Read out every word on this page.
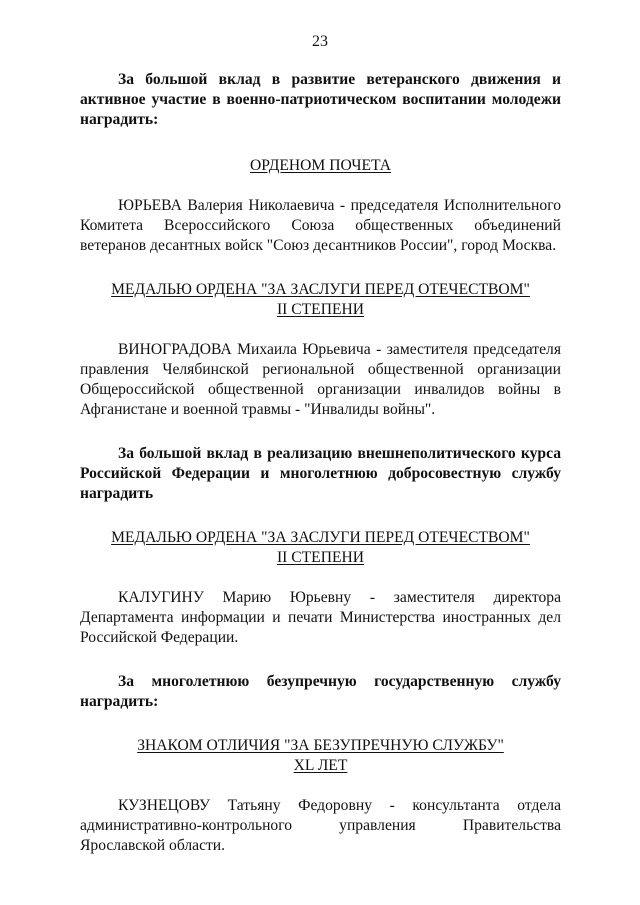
23

За большой вклад в развитие ветеранского движения и активное участие в военно-патриотическом воспитании молодежи наградить:

ОРДЕНОМ ПОЧЕТА

ЮРЬЕВА Валерия Николаевича - председателя Исполнительного Комитета Всероссийского Союза общественных объединений ветеранов десантных войск "Союз десантников России", город Москва.

МЕДАЛЬЮ ОРДЕНА "ЗА ЗАСЛУГИ ПЕРЕД ОТЕЧЕСТВОМ"
II СТЕПЕНИ

ВИНОГРАДОВА Михаила Юрьевича - заместителя председателя правления Челябинской региональной общественной организации Общероссийской общественной организации инвалидов войны в Афганистане и военной травмы - "Инвалиды войны".

За большой вклад в реализацию внешнеполитического курса Российской Федерации и многолетнюю добросовестную службу наградить

МЕДАЛЬЮ ОРДЕНА "ЗА ЗАСЛУГИ ПЕРЕД ОТЕЧЕСТВОМ"
II СТЕПЕНИ

КАЛУГИНУ Марию Юрьевну - заместителя директора Департамента информации и печати Министерства иностранных дел Российской Федерации.

За многолетнюю безупречную государственную службу наградить:

ЗНАКОМ ОТЛИЧИЯ "ЗА БЕЗУПРЕЧНУЮ СЛУЖБУ"
XL ЛЕТ

КУЗНЕЦОВУ Татьяну Федоровну - консультанта отдела административно-контрольного управления Правительства Ярославской области.
